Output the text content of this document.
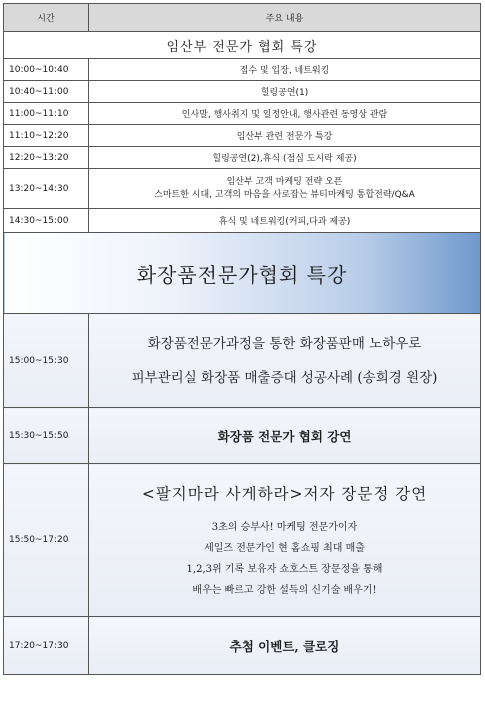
시간	주요 내용
임산부 전문가 협회 특강	
10:00~10:40	접수 및 입장, 네트워킹
10:40~11:00	힐링공연(1)
11:00~11:10	인사말, 행사취지 및 일정안내, 행사관련 동영상 관람
11:10~12:20	임산부 관련 전문가 특강
12:20~13:20	힐링공연(2),휴식 (점심 도시락 제공)
13:20~14:30	임산부 고객 마케팅 전략 오픈
스마트한 시대, 고객의 마음을 사로잡는 뷰티마케팅 통합전략/Q&A

14:30~15:00	휴식 및 네트워킹(커피,다과 제공)
화장품전문가협회 특강	
15:00~15:30	화장품전문가과정을 통한 화장품판매 노하우로
피부관리실 화장품 매출증대 성공사례 (송희경 원장)

15:30~15:50	화장품 전문가 협회 강연
15:50~17:20	<팔지마라 사게하라>저자 장문정 강연
3초의 승부사! 마케팅 전문가이자
세일즈 전문가인 현 홈쇼핑 최대 매출
1,2,3위 기록 보유자 쇼호스트 장문정을 통해
배우는 빠르고 강한 설득의 신기술 배우기!

17:20~17:30	추첨 이벤트, 클로징
